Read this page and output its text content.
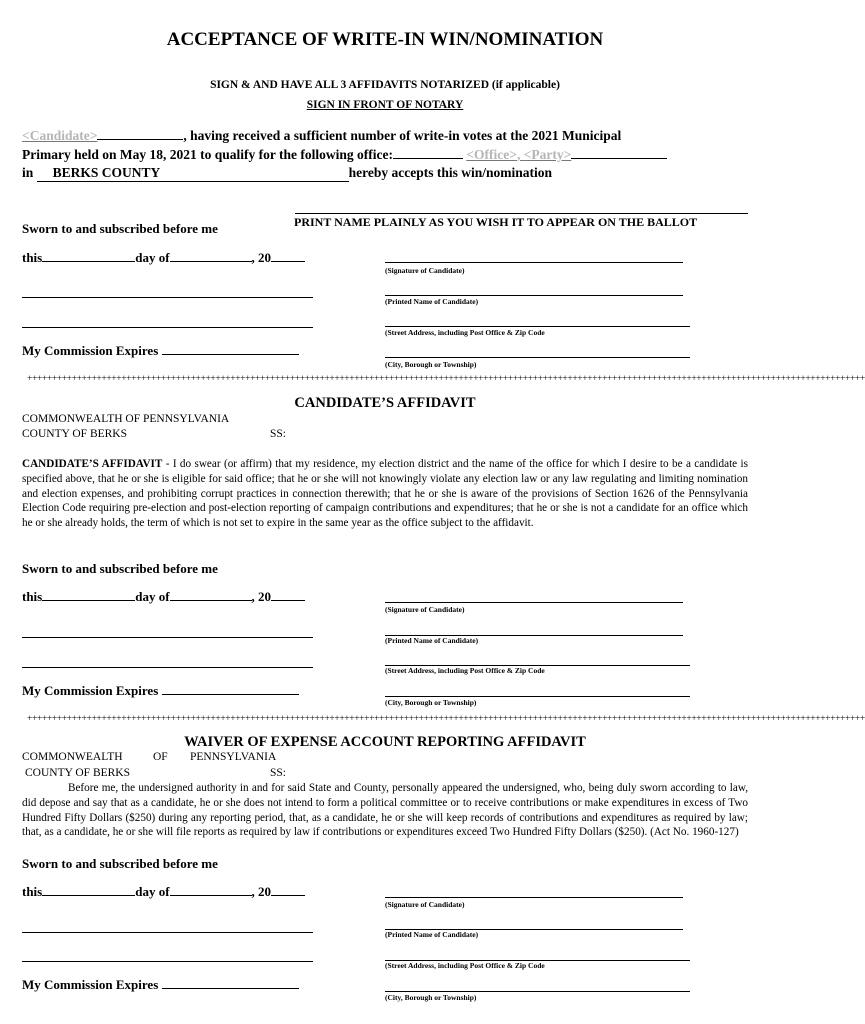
ACCEPTANCE OF WRITE-IN WIN/NOMINATION
SIGN & AND HAVE ALL 3 AFFIDAVITS NOTARIZED (if applicable)
SIGN IN FRONT OF NOTARY
<Candidate>	, having received a sufficient number of write-in votes at the 2021 Municipal
Primary held on May 18, 2021 to qualify for the following office:	<Office>, <Party>
in BERKS COUNTY	hereby accepts this win/nomination
PRINT NAME PLAINLY AS YOU WISH IT TO APPEAR ON THE BALLOT
Sworn to and subscribed before me
this	day of	, 20
(Signature of Candidate)
(Printed Name of Candidate)
(Street Address, including Post Office & Zip Code
My Commission Expires
(City, Borough or Township)
+++++++++++++++++++++++++++++++++++++++++++++++++++++++++++++++++++++++++++++++++++++++++++++++++++++++++++++++++++++++++++++++++++++++++++++++++++++++++++++++++++++++++
CANDIDATE’S AFFIDAVIT
COMMONWEALTH OF PENNSYLVANIA
COUNTY OF BERKS	SS:
CANDIDATE’S AFFIDAVIT - I do swear (or affirm) that my residence, my election district and the name of the office for which I desire to be a candidate is specified above, that he or she is eligible for said office; that he or she will not knowingly violate any election law or any law regulating and limiting nomination and election expenses, and prohibiting corrupt practices in connection therewith; that he or she is aware of the provisions of Section 1626 of the Pennsylvania Election Code requiring pre-election and post-election reporting of campaign contributions and expenditures; that he or she is not a candidate for an office which he or she already holds, the term of which is not set to expire in the same year as the office subject to the affidavit.
Sworn to and subscribed before me
this	day of	, 20
(Signature of Candidate)
(Printed Name of Candidate)
(Street Address, including Post Office & Zip Code
My Commission Expires
(City, Borough or Township)
+++++++++++++++++++++++++++++++++++++++++++++++++++++++++++++++++++++++++++++++++++++++++++++++++++++++++++++++++++++++++++++++++++++++++++++++++++++++++++++++++++++++++
WAIVER OF EXPENSE ACCOUNT REPORTING AFFIDAVIT
COMMONWEALTH	OF PENNSYLVANIA
COUNTY OF BERKS	SS:
Before me, the undersigned authority in and for said State and County, personally appeared the undersigned, who, being duly sworn according to law, did depose and say that as a candidate, he or she does not intend to form a political committee or to receive contributions or make expenditures in excess of Two Hundred Fifty Dollars ($250) during any reporting period, that, as a candidate, he or she will keep records of contributions and expenditures as required by law; that, as a candidate, he or she will file reports as required by law if contributions or expenditures exceed Two Hundred Fifty Dollars ($250). (Act No. 1960-127)
Sworn to and subscribed before me
this	day of	, 20
(Signature of Candidate)
(Printed Name of Candidate)
(Street Address, including Post Office & Zip Code
My Commission Expires
(City, Borough or Township)
